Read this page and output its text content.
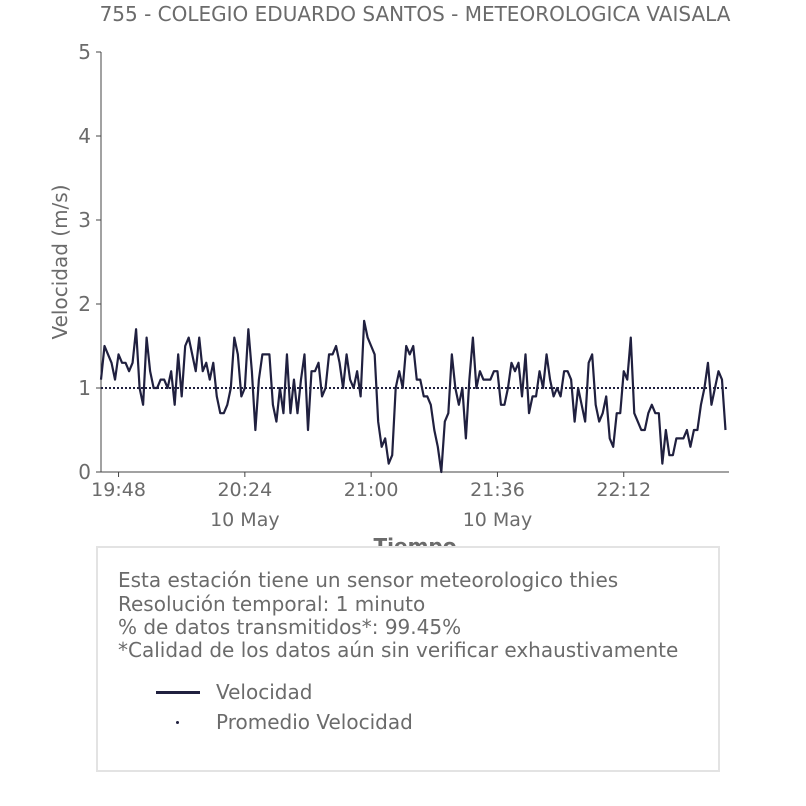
755 - COLEGIO EDUARDO SANTOS - METEOROLOGICA VAISALA
Velocidad (m/s)
0
1
2
3
4
5
19:48	20:24
10 May
21:00	21:36
10 May
22:12
Esta estación tiene un sensor meteorologico thies
Resolución temporal: 1 minuto
% de datos transmitidos*: 99.45%
*Calidad de los datos aún sin verificar exhaustivamente
Velocidad
Promedio Velocidad
